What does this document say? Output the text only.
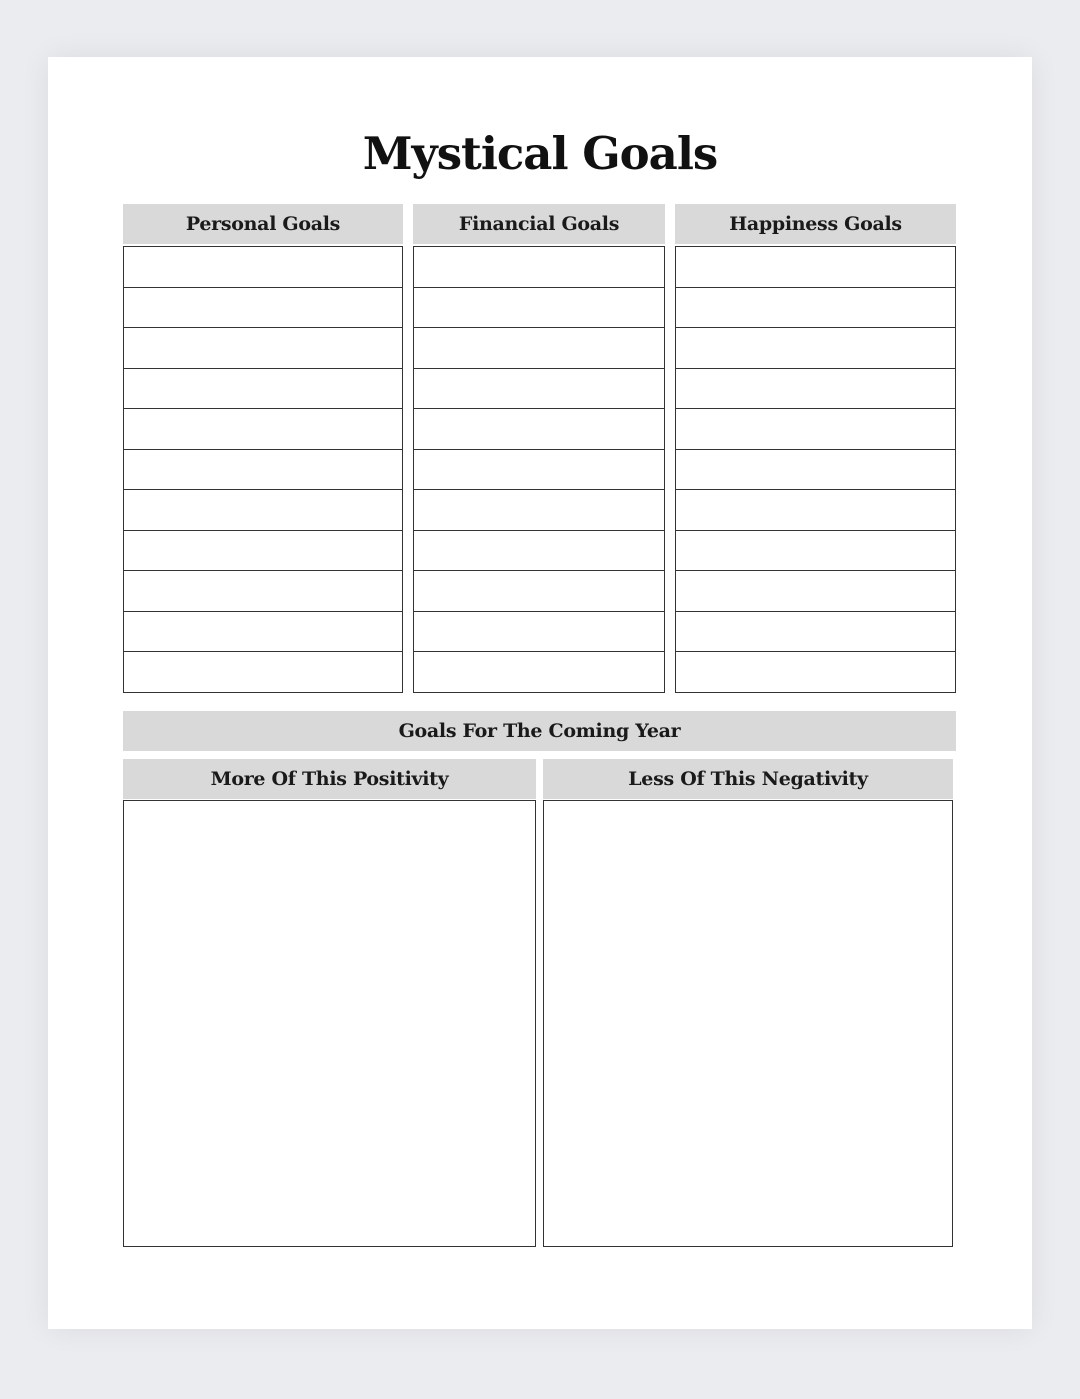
Mystical Goals
Personal Goals	Financial Goals	Happiness Goals
Goals For The Coming Year
More Of This Positivity	Less Of This Negativity
